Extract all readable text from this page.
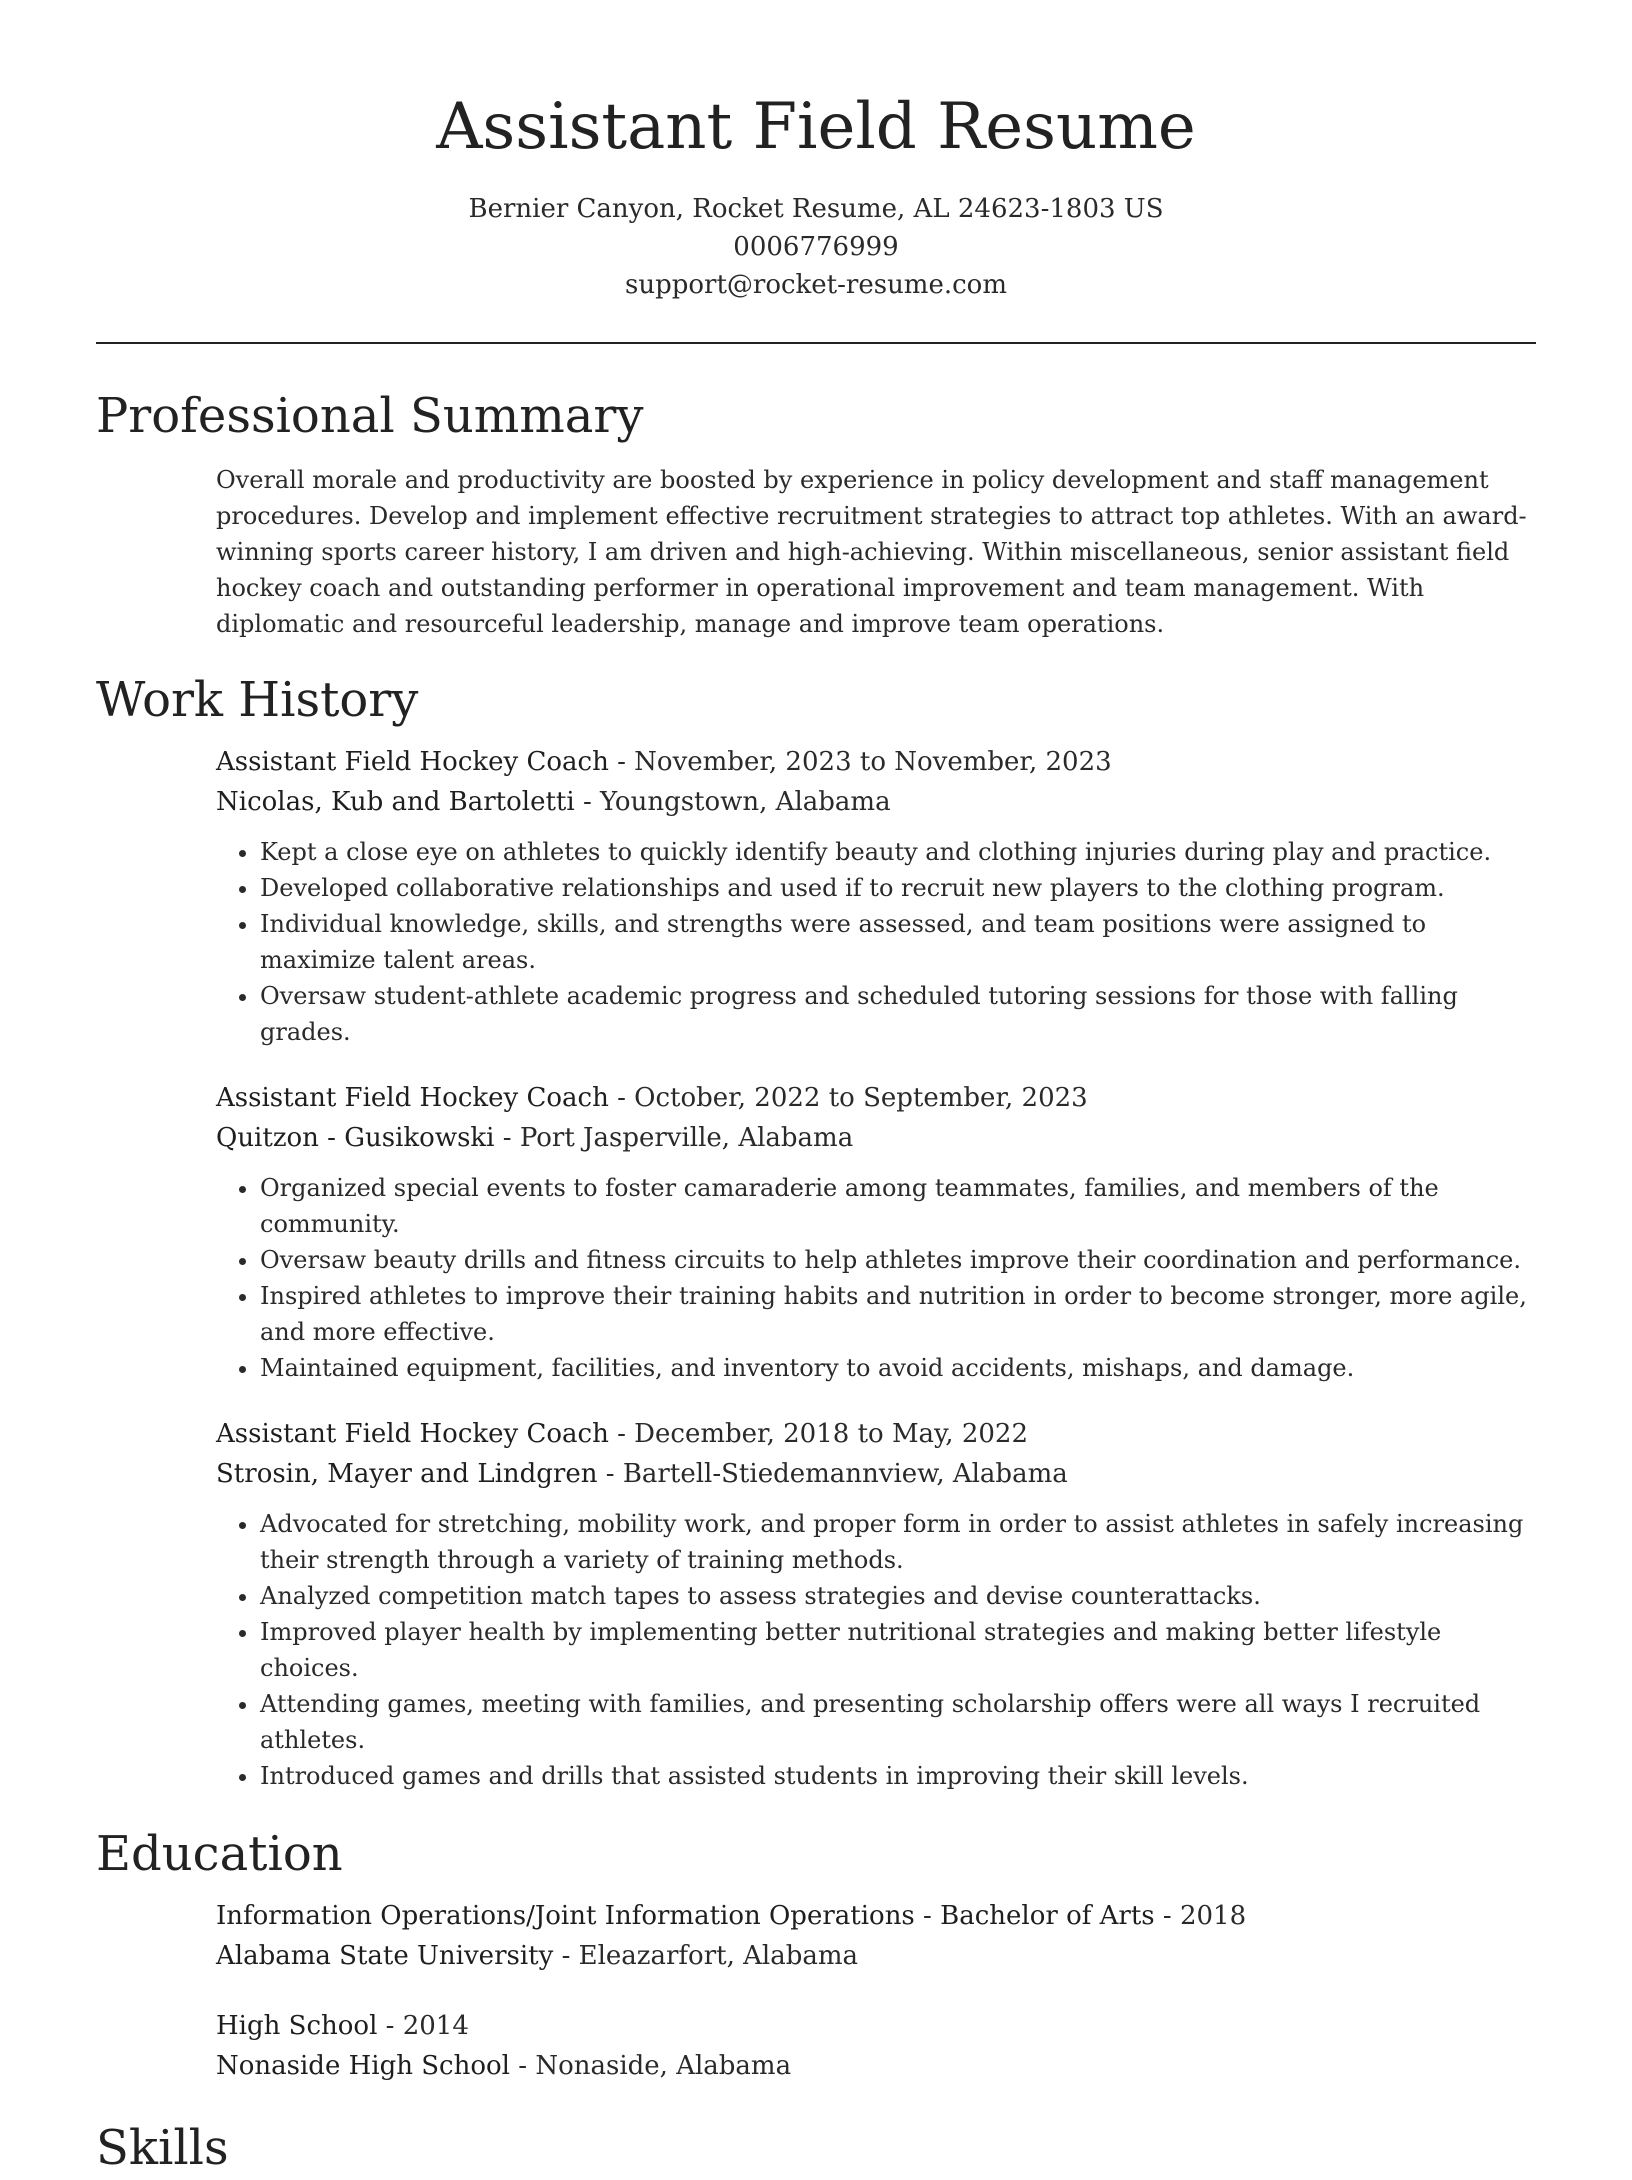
Assistant Field Resume
Bernier Canyon, Rocket Resume, AL 24623-1803 US
0006776999
support@rocket-resume.com
Professional Summary

Overall morale and productivity are boosted by experience in policy development and staff management procedures. Develop and implement effective recruitment strategies to attract top athletes. With an award-winning sports career history, I am driven and high-achieving. Within miscellaneous, senior assistant field hockey coach and outstanding performer in operational improvement and team management. With diplomatic and resourceful leadership, manage and improve team operations.

Work History
Assistant Field Hockey Coach - November, 2023 to November, 2023
Nicolas, Kub and Bartoletti - Youngstown, Alabama
• Kept a close eye on athletes to quickly identify beauty and clothing injuries during play and practice.
• Developed collaborative relationships and used if to recruit new players to the clothing program.
• Individual knowledge, skills, and strengths were assessed, and team positions were assigned to maximize talent areas.
• Oversaw student-athlete academic progress and scheduled tutoring sessions for those with falling grades.
Assistant Field Hockey Coach - October, 2022 to September, 2023
Quitzon - Gusikowski - Port Jasperville, Alabama
• Organized special events to foster camaraderie among teammates, families, and members of the community.
• Oversaw beauty drills and fitness circuits to help athletes improve their coordination and performance.
• Inspired athletes to improve their training habits and nutrition in order to become stronger, more agile, and more effective.
• Maintained equipment, facilities, and inventory to avoid accidents, mishaps, and damage.
Assistant Field Hockey Coach - December, 2018 to May, 2022
Strosin, Mayer and Lindgren - Bartell-Stiedemannview, Alabama
• Advocated for stretching, mobility work, and proper form in order to assist athletes in safely increasing their strength through a variety of training methods.
• Analyzed competition match tapes to assess strategies and devise counterattacks.
• Improved player health by implementing better nutritional strategies and making better lifestyle choices.
• Attending games, meeting with families, and presenting scholarship offers were all ways I recruited athletes.
• Introduced games and drills that assisted students in improving their skill levels.
Education
Information Operations/Joint Information Operations - Bachelor of Arts - 2018
Alabama State University - Eleazarfort, Alabama
High School - 2014
Nonaside High School - Nonaside, Alabama
Skills
